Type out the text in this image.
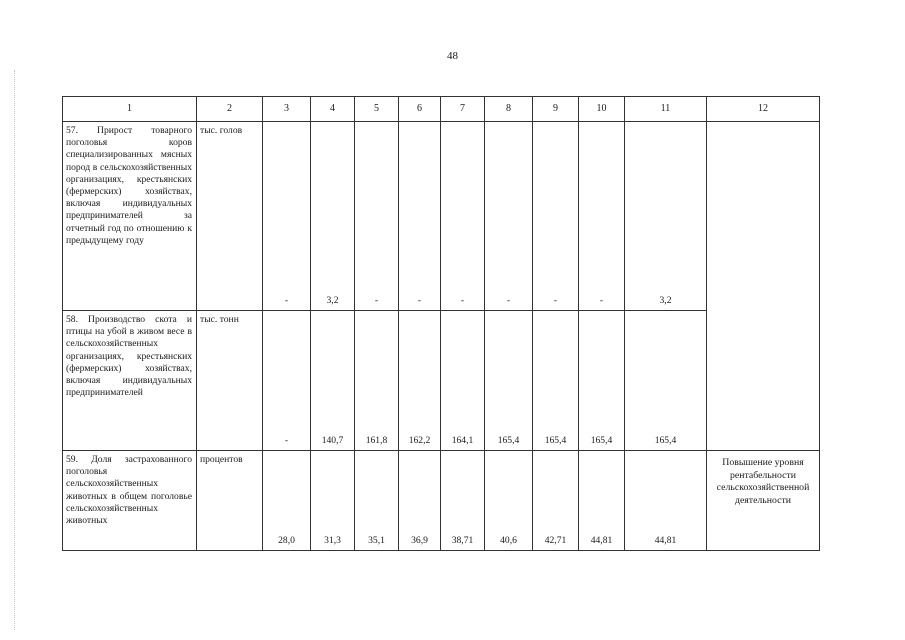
48
1	2	3	4	5	6	7	8	9	10	11	12
57. Прирост товарного поголовья коров специализированных мясных пород в сельскохозяйственных организациях, крестьянских (фермерских) хозяйствах, включая индивидуальных предпринимателей за отчетный год по отношению к предыдущему году	тыс. голов	-	3,2	-	-	-	-	-	-	3,2	
58. Производство скота и птицы на убой в живом весе в сельскохозяйственных организациях, крестьянских (фермерских) хозяйствах, включая индивидуальных предпринимателей	тыс. тонн	-	140,7	161,8	162,2	164,1	165,4	165,4	165,4	165,4	
59. Доля застрахованного поголовья сельскохозяйственных животных в общем поголовье сельскохозяйственных животных	процентов	28,0	31,3	35,1	36,9	38,71	40,6	42,71	44,81	44,81	Повышение уровня рентабельности сельскохозяйственной деятельности
